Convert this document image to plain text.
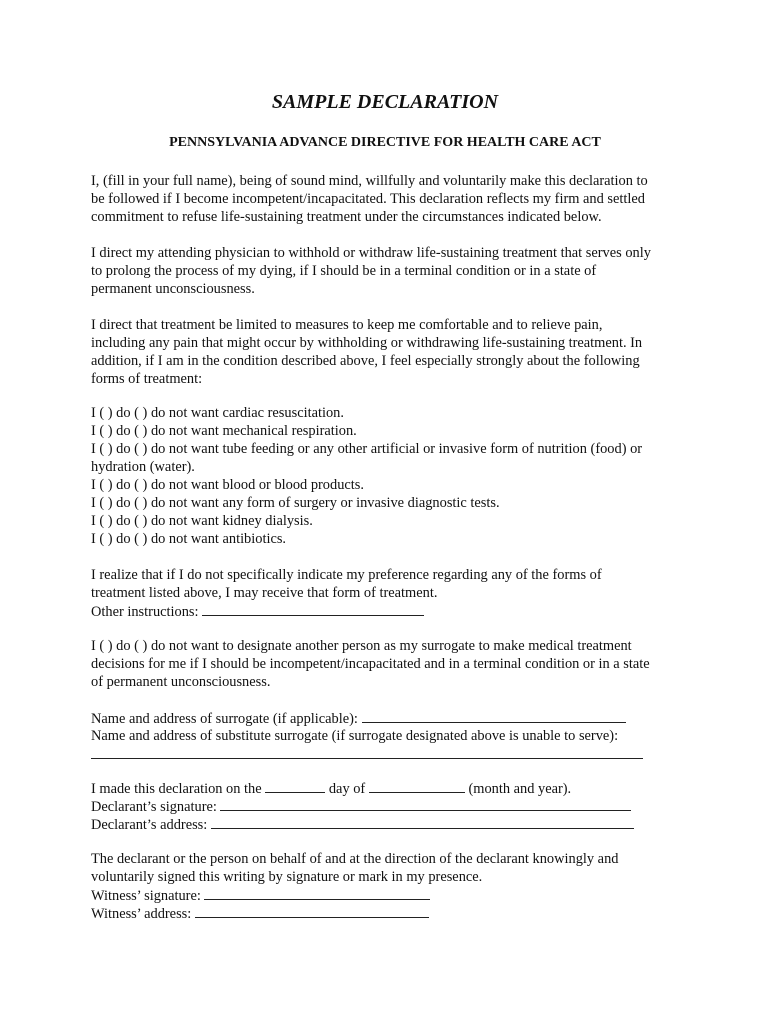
SAMPLE DECLARATION
PENNSYLVANIA ADVANCE DIRECTIVE FOR HEALTH CARE ACT

I, (fill in your full name), being of sound mind, willfully and voluntarily make this declaration to

be followed if I become incompetent/incapacitated. This declaration reflects my firm and settled

commitment to refuse life-sustaining treatment under the circumstances indicated below.

I direct my attending physician to withhold or withdraw life-sustaining treatment that serves only

to prolong the process of my dying, if I should be in a terminal condition or in a state of

permanent unconsciousness.

I direct that treatment be limited to measures to keep me comfortable and to relieve pain,

including any pain that might occur by withholding or withdrawing life-sustaining treatment. In

addition, if I am in the condition described above, I feel especially strongly about the following

forms of treatment:

I ( ) do ( ) do not want cardiac resuscitation.

I ( ) do ( ) do not want mechanical respiration.

I ( ) do ( ) do not want tube feeding or any other artificial or invasive form of nutrition (food) or

hydration (water).

I ( ) do ( ) do not want blood or blood products.

I ( ) do ( ) do not want any form of surgery or invasive diagnostic tests.

I ( ) do ( ) do not want kidney dialysis.

I ( ) do ( ) do not want antibiotics.

I realize that if I do not specifically indicate my preference regarding any of the forms of

treatment listed above, I may receive that form of treatment.

Other instructions:

I ( ) do ( ) do not want to designate another person as my surrogate to make medical treatment

decisions for me if I should be incompetent/incapacitated and in a terminal condition or in a state

of permanent unconsciousness.

Name and address of surrogate (if applicable):

Name and address of substitute surrogate (if surrogate designated above is unable to serve):

I made this declaration on the	day of	(month and year).

Declarant’s signature:

Declarant’s address:

The declarant or the person on behalf of and at the direction of the declarant knowingly and

voluntarily signed this writing by signature or mark in my presence.

Witness’ signature:

Witness’ address:
